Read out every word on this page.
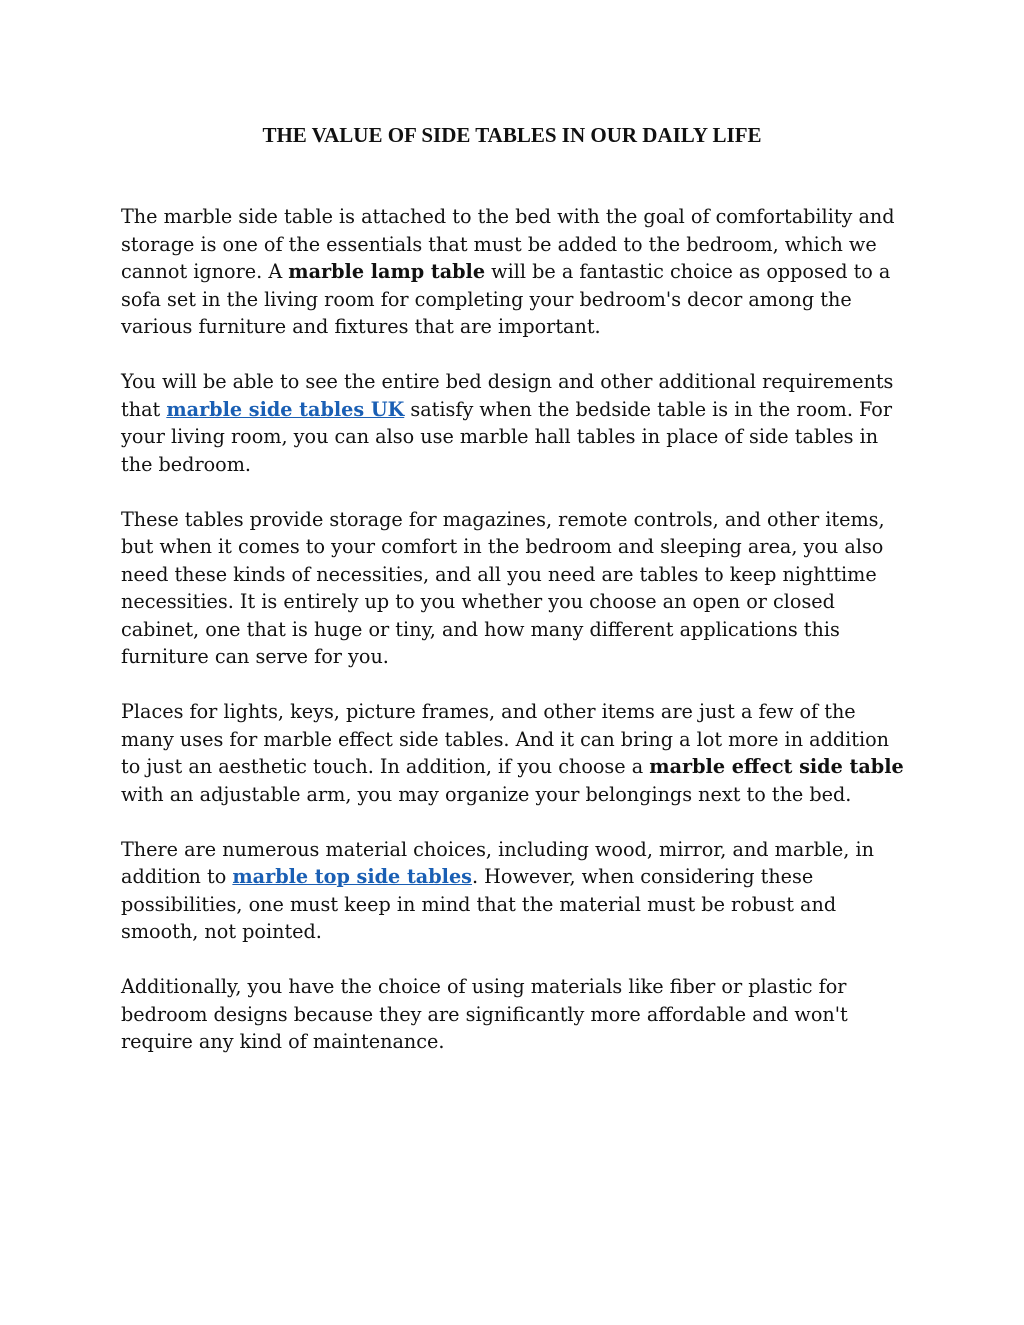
THE VALUE OF SIDE TABLES IN OUR DAILY LIFE

The marble side table is attached to the bed with the goal of comfortability and storage is one of the essentials that must be added to the bedroom, which we cannot ignore. A marble lamp table will be a fantastic choice as opposed to a sofa set in the living room for completing your bedroom's decor among the various furniture and fixtures that are important.

You will be able to see the entire bed design and other additional requirements that marble side tables UK satisfy when the bedside table is in the room. For your living room, you can also use marble hall tables in place of side tables in the bedroom.

These tables provide storage for magazines, remote controls, and other items, but when it comes to your comfort in the bedroom and sleeping area, you also need these kinds of necessities, and all you need are tables to keep nighttime necessities. It is entirely up to you whether you choose an open or closed cabinet, one that is huge or tiny, and how many different applications this furniture can serve for you.

Places for lights, keys, picture frames, and other items are just a few of the many uses for marble effect side tables. And it can bring a lot more in addition to just an aesthetic touch. In addition, if you choose a marble effect side table with an adjustable arm, you may organize your belongings next to the bed.

There are numerous material choices, including wood, mirror, and marble, in addition to marble top side tables. However, when considering these possibilities, one must keep in mind that the material must be robust and smooth, not pointed.

Additionally, you have the choice of using materials like fiber or plastic for bedroom designs because they are significantly more affordable and won't require any kind of maintenance.
